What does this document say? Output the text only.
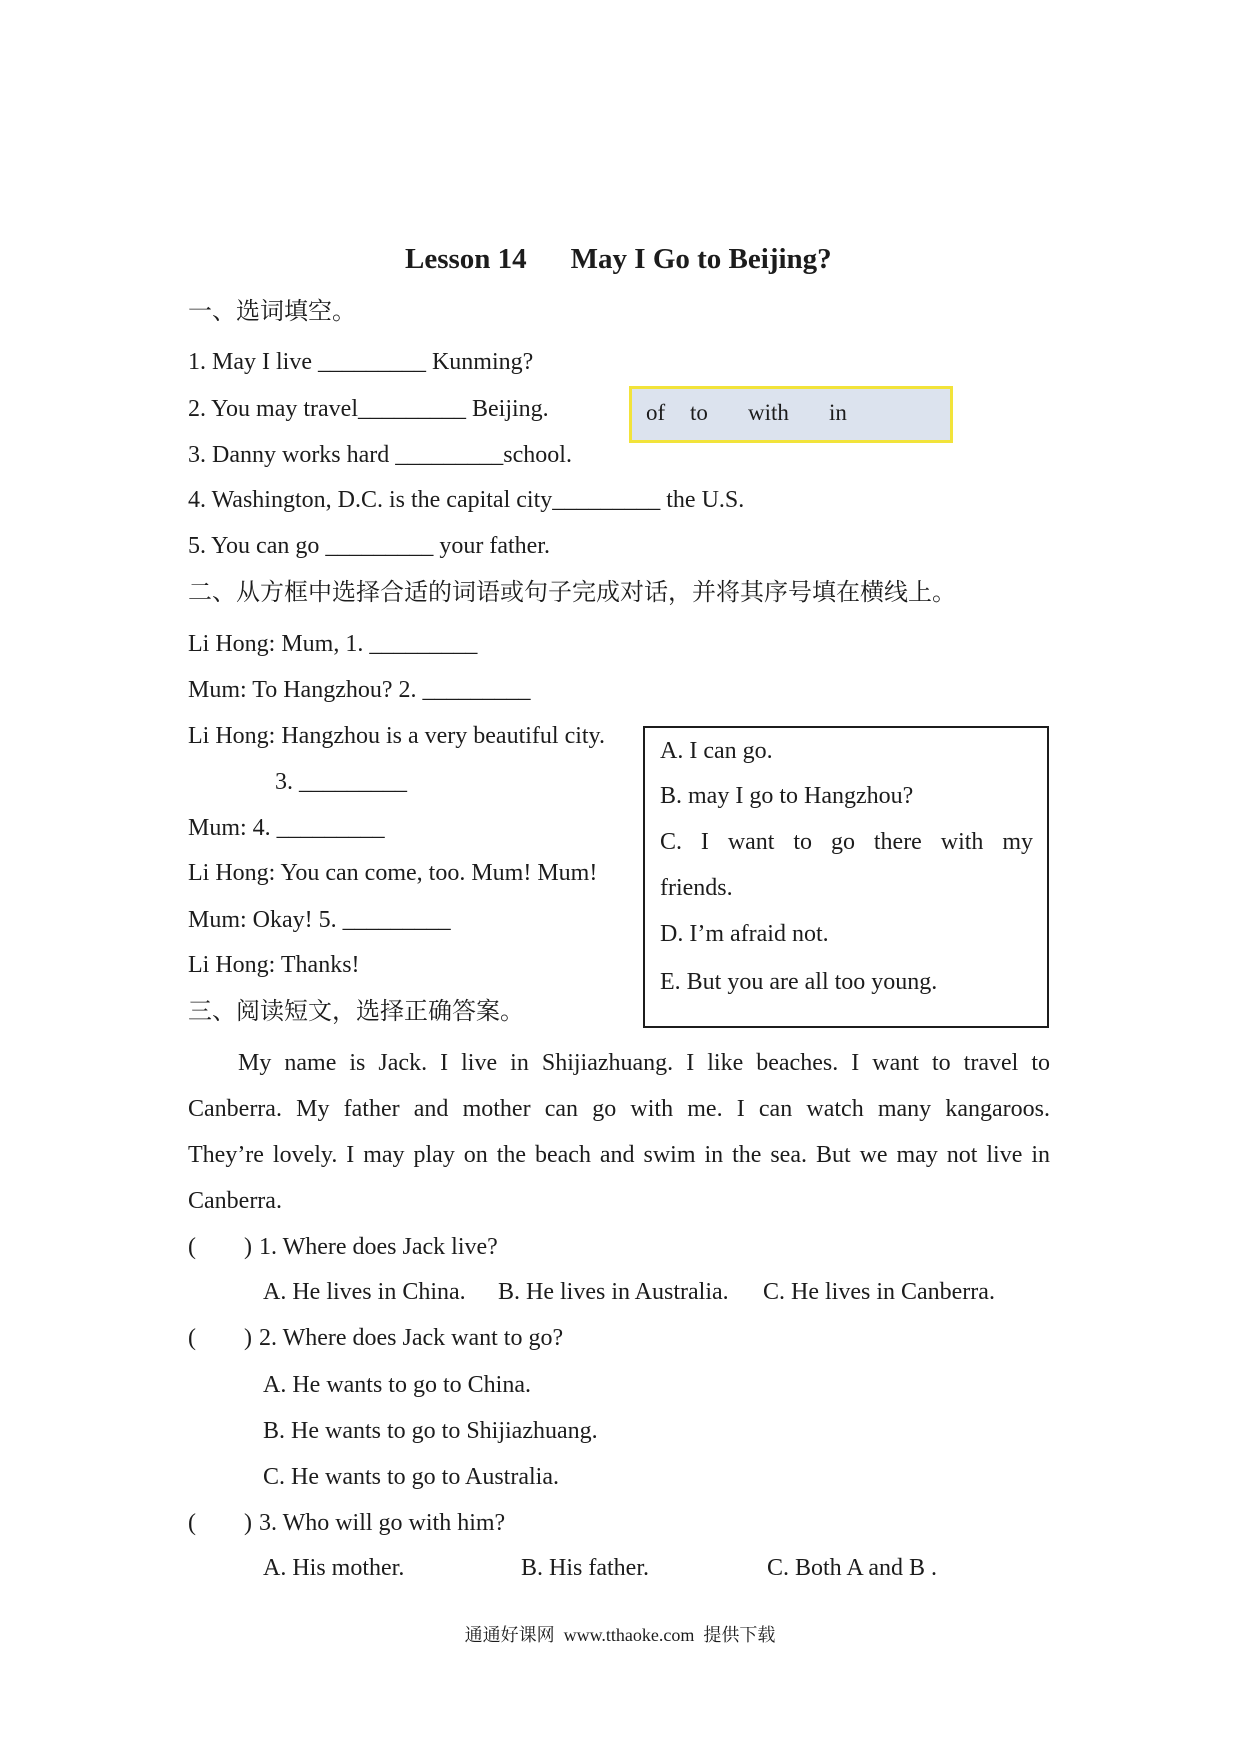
Lesson 14 May I Go to Beijing?
一、选词填空。
1. May I live _________ Kunming?
2. You may travel_________ Beijing.
3. Danny works hard _________school.
4. Washington, D.C. is the capital city_________ the U.S.
5. You can go _________ your father.
of to with in
二、从方框中选择合适的词语或句子完成对话，并将其序号填在横线上。
Li Hong: Mum, 1. _________
Mum: To Hangzhou? 2. _________
Li Hong: Hangzhou is a very beautiful city.
3. _________
Mum: 4. _________
Li Hong: You can come, too. Mum! Mum!
Mum: Okay! 5. _________
Li Hong: Thanks!
A. I can go.
B. may I go to Hangzhou?
C. I want to go there with my
friends.
D. I’m afraid not.
E. But you are all too young.
三、阅读短文，选择正确答案。
My name is Jack. I live in Shijiazhuang. I like beaches. I want to travel to
Canberra. My father and mother can go with me. I can watch many kangaroos.
They’re lovely. I may play on the beach and swim in the sea. But we may not live in
Canberra.
(        ) 1. Where does Jack live?
A. He lives in China. B. He lives in Australia. C. He lives in Canberra.
(        ) 2. Where does Jack want to go?
A. He wants to go to China.
B. He wants to go to Shijiazhuang.
C. He wants to go to Australia.
(        ) 3. Who will go with him?
A. His mother.	B. His father.	C. Both A and B .
通通好课网  www.tthaoke.com  提供下载
